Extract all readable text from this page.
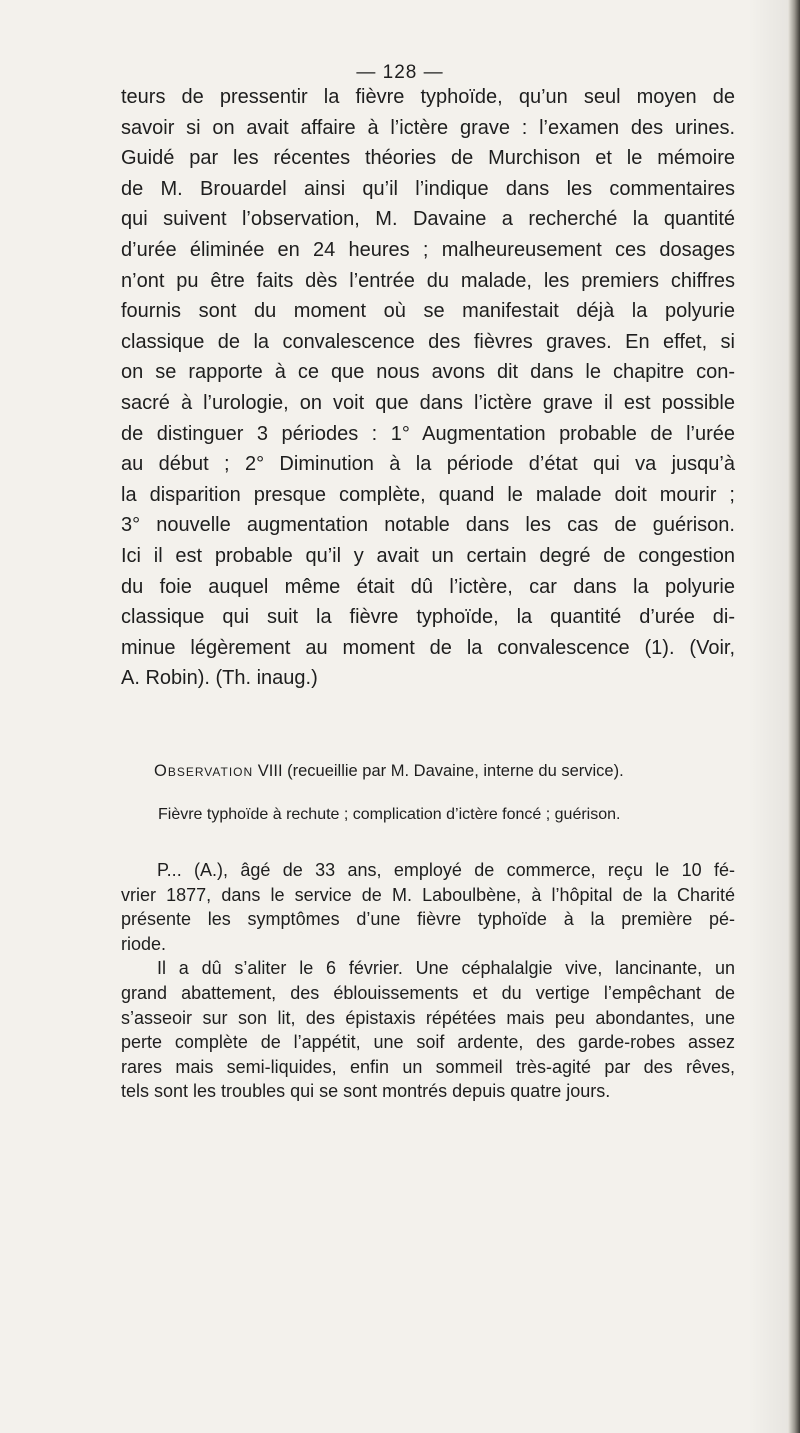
— 128 —
teurs de pressentir la fièvre typhoïde, qu’un seul moyen de
savoir si on avait affaire à l’ictère grave : l’examen des urines.
Guidé par les récentes théories de Murchison et le mémoire
de M. Brouardel ainsi qu’il l’indique dans les commentaires
qui suivent l’observation, M. Davaine a recherché la quantité
d’urée éliminée en 24 heures ; malheureusement ces dosages
n’ont pu être faits dès l’entrée du malade, les premiers chiffres
fournis sont du moment où se manifestait déjà la polyurie
classique de la convalescence des fièvres graves. En effet, si
on se rapporte à ce que nous avons dit dans le chapitre con-
sacré à l’urologie, on voit que dans l’ictère grave il est possible
de distinguer 3 périodes : 1° Augmentation probable de l’urée
au début ; 2° Diminution à la période d’état qui va jusqu’à
la disparition presque complète, quand le malade doit mourir ;
3° nouvelle augmentation notable dans les cas de guérison.
Ici il est probable qu’il y avait un certain degré de congestion
du foie auquel même était dû l’ictère, car dans la polyurie
classique qui suit la fièvre typhoïde, la quantité d’urée di-
minue légèrement au moment de la convalescence (1). (Voir,
A. Robin). (Th. inaug.)
Observation VIII (recueillie par M. Davaine, interne du service).
Fièvre typhoïde à rechute ; complication d’ictère foncé ; guérison.
P... (A.), âgé de 33 ans, employé de commerce, reçu le 10 fé-
vrier 1877, dans le service de M. Laboulbène, à l’hôpital de la Charité
présente les symptômes d’une fièvre typhoïde à la première pé-
riode.
Il a dû s’aliter le 6 février. Une céphalalgie vive, lancinante, un
grand abattement, des éblouissements et du vertige l’empêchant de
s’asseoir sur son lit, des épistaxis répétées mais peu abondantes, une
perte complète de l’appétit, une soif ardente, des garde-robes assez
rares mais semi-liquides, enfin un sommeil très-agité par des rêves,
tels sont les troubles qui se sont montrés depuis quatre jours.
